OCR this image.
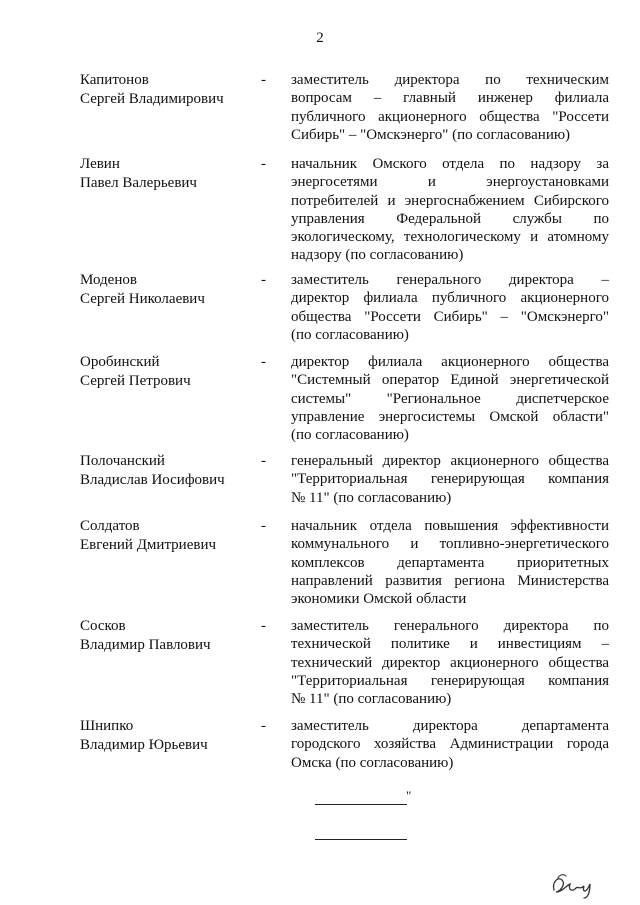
2
Капитонов
Сергей Владимирович
- заместитель директора по техническим
вопросам – главный инженер филиала
публичного акционерного общества "Россети
Сибирь" – "Омскэнерго" (по согласованию)
Левин
Павел Валерьевич
- начальник Омского отдела по надзору за
энергосетями и энергоустановками
потребителей и энергоснабжением Сибирского
управления Федеральной службы по
экологическому, технологическому и атомному
надзору (по согласованию)
Моденов
Сергей Николаевич
- заместитель генерального директора –
директор филиала публичного акционерного
общества "Россети Сибирь" – "Омскэнерго"
(по согласованию)
Оробинский
Сергей Петрович
- директор филиала акционерного общества
"Системный оператор Единой энергетической
системы" "Региональное диспетчерское
управление энергосистемы Омской области"
(по согласованию)
Полочанский
Владислав Иосифович
- генеральный директор акционерного общества
"Территориальная генерирующая компания
№ 11" (по согласованию)
Солдатов
Евгений Дмитриевич
- начальник отдела повышения эффективности
коммунального и топливно-энергетического
комплексов департамента приоритетных
направлений развития региона Министерства
экономики Омской области
Сосков
Владимир Павлович
- заместитель генерального директора по
технической политике и инвестициям –
технический директор акционерного общества
"Территориальная генерирующая компания
№ 11" (по согласованию)
Шнипко
Владимир Юрьевич
- заместитель директора департамента
городского хозяйства Администрации города
Омска (по согласованию)
"
